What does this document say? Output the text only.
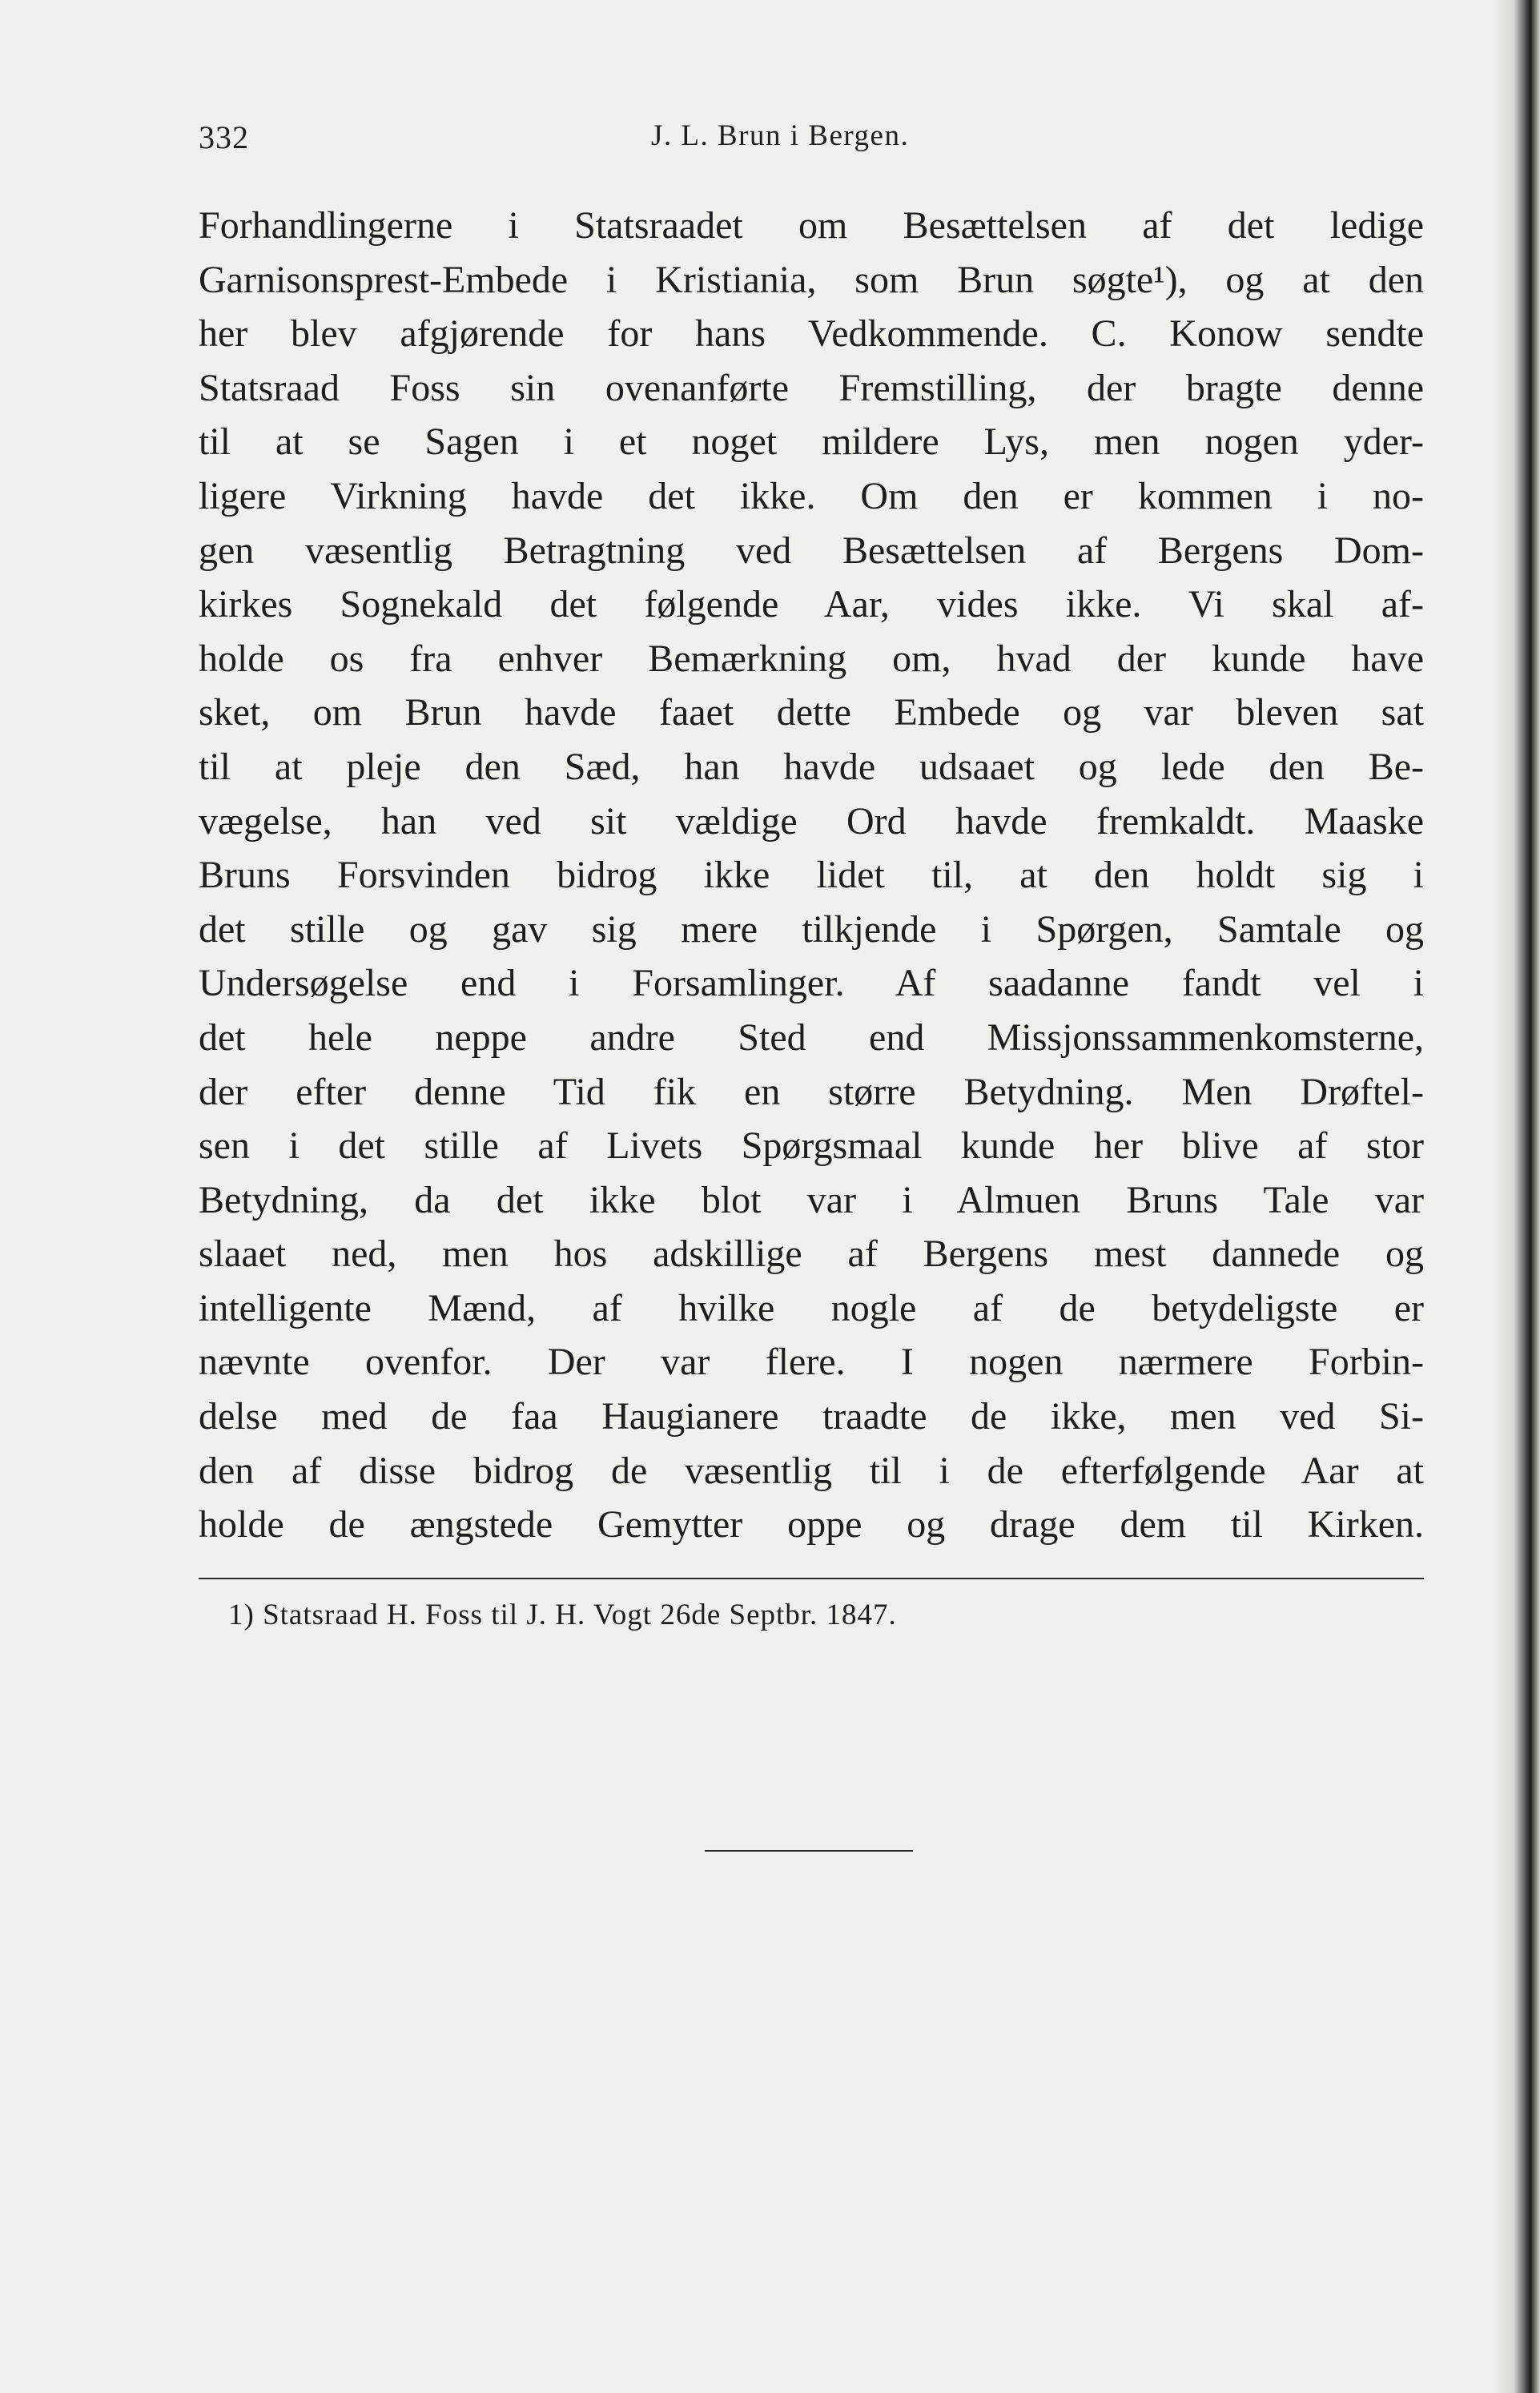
332	J. L. Brun i Bergen.
Forhandlingerne i Statsraadet om Besættelsen af det ledige
Garnisonsprest-Embede i Kristiania, som Brun søgte¹), og at den
her blev afgjørende for hans Vedkommende. C. Konow sendte
Statsraad Foss sin ovenanførte Fremstilling, der bragte denne
til at se Sagen i et noget mildere Lys, men nogen yder-
ligere Virkning havde det ikke. Om den er kommen i no-
gen væsentlig Betragtning ved Besættelsen af Bergens Dom-
kirkes Sognekald det følgende Aar, vides ikke. Vi skal af-
holde os fra enhver Bemærkning om, hvad der kunde have
sket, om Brun havde faaet dette Embede og var bleven sat
til at pleje den Sæd, han havde udsaaet og lede den Be-
vægelse, han ved sit vældige Ord havde fremkaldt. Maaske
Bruns Forsvinden bidrog ikke lidet til, at den holdt sig i
det stille og gav sig mere tilkjende i Spørgen, Samtale og
Undersøgelse end i Forsamlinger. Af saadanne fandt vel i
det hele neppe andre Sted end Missjonssammenkomsterne,
der efter denne Tid fik en større Betydning. Men Drøftel-
sen i det stille af Livets Spørgsmaal kunde her blive af stor
Betydning, da det ikke blot var i Almuen Bruns Tale var
slaaet ned, men hos adskillige af Bergens mest dannede og
intelligente Mænd, af hvilke nogle af de betydeligste er
nævnte ovenfor. Der var flere. I nogen nærmere Forbin-
delse med de faa Haugianere traadte de ikke, men ved Si-
den af disse bidrog de væsentlig til i de efterfølgende Aar at
holde de ængstede Gemytter oppe og drage dem til Kirken.
1) Statsraad H. Foss til J. H. Vogt 26de Septbr. 1847.
